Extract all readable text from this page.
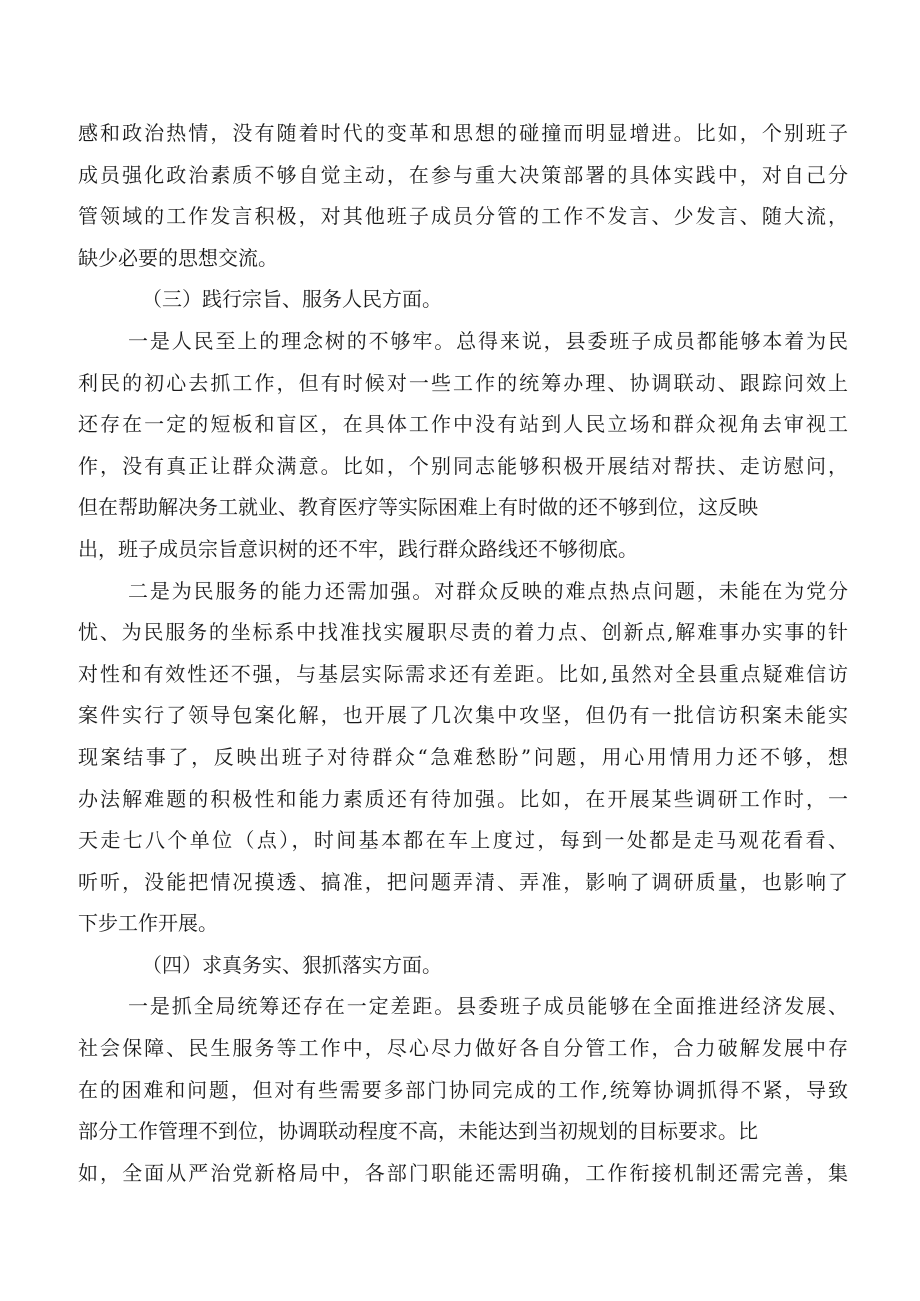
感和政治热情，没有随着时代的变革和思想的碰撞而明显增进。比如，个别班子
成员强化政治素质不够自觉主动，在参与重大决策部署的具体实践中，对自己分
管领域的工作发言积极，对其他班子成员分管的工作不发言、少发言、随大流，
缺少必要的思想交流。
（三）践行宗旨、服务人民方面。
一是人民至上的理念树的不够牢。总得来说，县委班子成员都能够本着为民
利民的初心去抓工作，但有时候对一些工作的统筹办理、协调联动、跟踪问效上
还存在一定的短板和盲区，在具体工作中没有站到人民立场和群众视角去审视工
作，没有真正让群众满意。比如，个别同志能够积极开展结对帮扶、走访慰问，
但在帮助解决务工就业、教育医疗等实际困难上有时做的还不够到位，这反映
出，班子成员宗旨意识树的还不牢，践行群众路线还不够彻底。
二是为民服务的能力还需加强。对群众反映的难点热点问题，未能在为党分
忧、为民服务的坐标系中找准找实履职尽责的着力点、创新点,解难事办实事的针
对性和有效性还不强，与基层实际需求还有差距。比如,虽然对全县重点疑难信访
案件实行了领导包案化解，也开展了几次集中攻坚，但仍有一批信访积案未能实
现案结事了，反映出班子对待群众“急难愁盼”问题，用心用情用力还不够，想
办法解难题的积极性和能力素质还有待加强。比如，在开展某些调研工作时，一
天走七八个单位（点），时间基本都在车上度过，每到一处都是走马观花看看、
听听，没能把情况摸透、搞准，把问题弄清、弄准，影响了调研质量，也影响了
下步工作开展。
（四）求真务实、狠抓落实方面。
一是抓全局统筹还存在一定差距。县委班子成员能够在全面推进经济发展、
社会保障、民生服务等工作中，尽心尽力做好各自分管工作，合力破解发展中存
在的困难和问题，但对有些需要多部门协同完成的工作,统筹协调抓得不紧，导致
部分工作管理不到位，协调联动程度不高，未能达到当初规划的目标要求。比
如，全面从严治党新格局中，各部门职能还需明确，工作衔接机制还需完善，集
